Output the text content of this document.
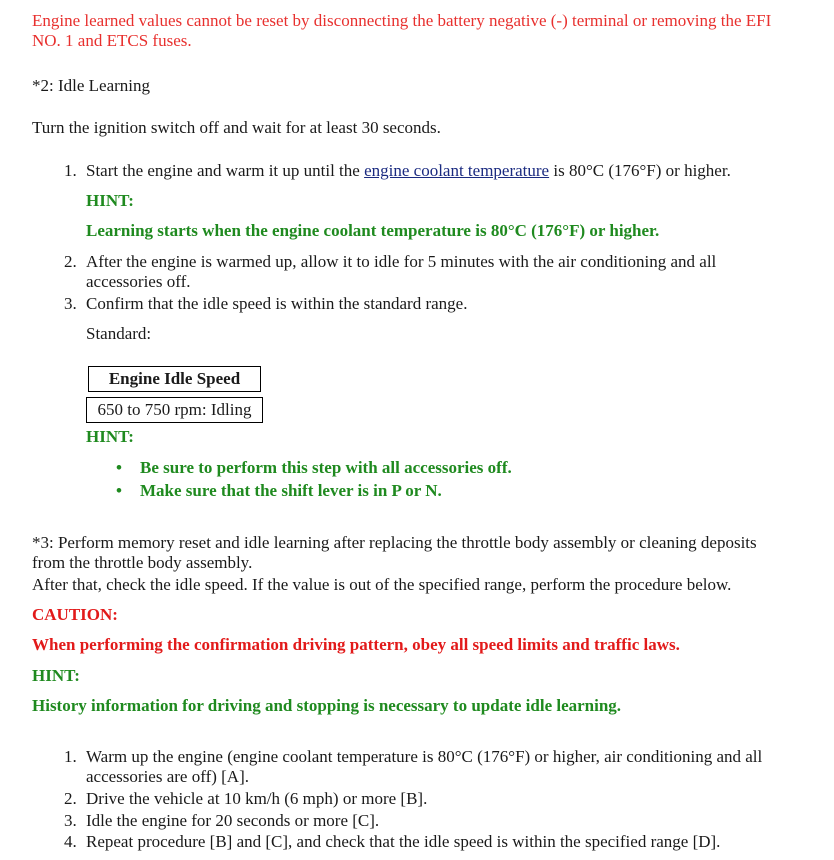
Engine learned values cannot be reset by disconnecting the battery negative (-) terminal or removing the EFI NO. 1 and ETCS fuses.
*2: Idle Learning
Turn the ignition switch off and wait for at least 30 seconds.
1. Start the engine and warm it up until the engine coolant temperature is 80°C (176°F) or higher.
HINT:
Learning starts when the engine coolant temperature is 80°C (176°F) or higher.
2. After the engine is warmed up, allow it to idle for 5 minutes with the air conditioning and all accessories off.
3. Confirm that the idle speed is within the standard range.
Standard:
Engine Idle Speed
650 to 750 rpm: Idling
HINT:
• Be sure to perform this step with all accessories off.
• Make sure that the shift lever is in P or N.
*3: Perform memory reset and idle learning after replacing the throttle body assembly or cleaning deposits from the throttle body assembly.
After that, check the idle speed. If the value is out of the specified range, perform the procedure below.
CAUTION:
When performing the confirmation driving pattern, obey all speed limits and traffic laws.
HINT:
History information for driving and stopping is necessary to update idle learning.
1. Warm up the engine (engine coolant temperature is 80°C (176°F) or higher, air conditioning and all accessories are off) [A].
2. Drive the vehicle at 10 km/h (6 mph) or more [B].
3. Idle the engine for 20 seconds or more [C].
4. Repeat procedure [B] and [C], and check that the idle speed is within the specified range [D].
